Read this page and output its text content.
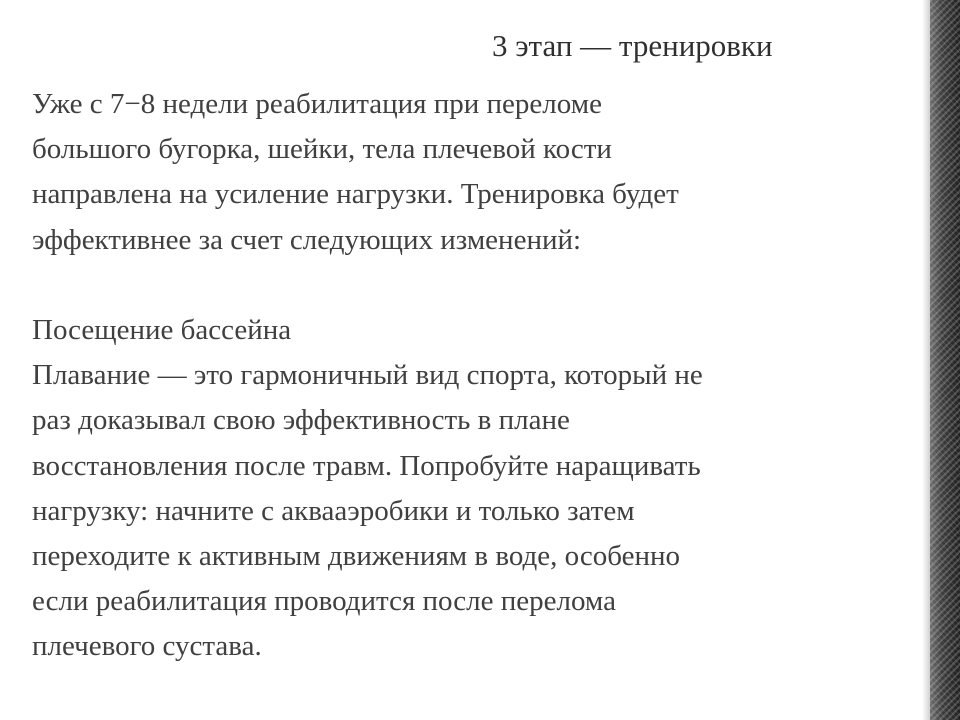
3 этап — тренировки
Уже с 7−8 недели реабилитация при переломе
большого бугорка, шейки, тела плечевой кости
направлена на усиление нагрузки. Тренировка будет
эффективнее за счет следующих изменений:
Посещение бассейна
Плавание — это гармоничный вид спорта, который не
раз доказывал свою эффективность в плане
восстановления после травм. Попробуйте наращивать
нагрузку: начните с аквааэробики и только затем
переходите к активным движениям в воде, особенно
если реабилитация проводится после перелома
плечевого сустава.
